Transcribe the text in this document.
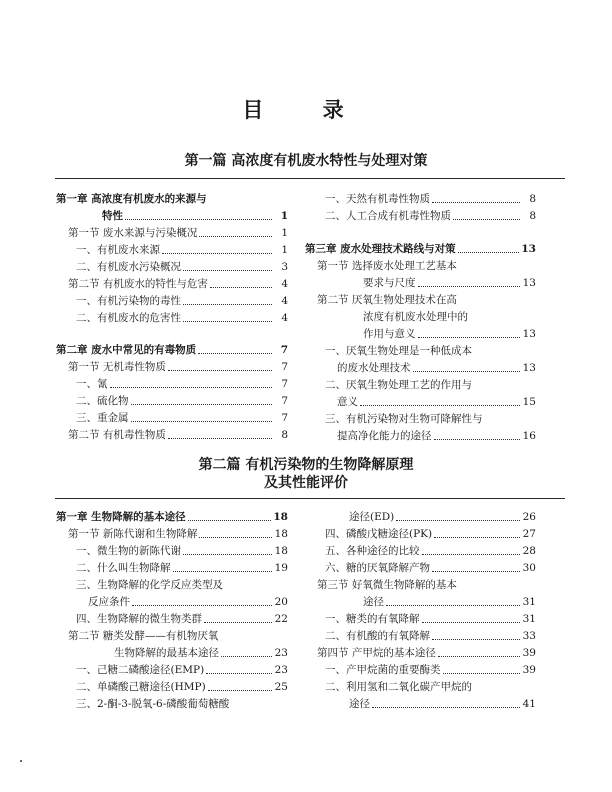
目 录
第一篇 高浓度有机废水特性与处理对策
第二篇 有机污染物的生物降解原理
及其性能评价
第一章 高浓度有机废水的来源与
特性	1
第一节 废水来源与污染概况	1
一、有机废水来源	1
二、有机废水污染概况	3
第二节 有机废水的特性与危害	4
一、有机污染物的毒性	4
二、有机废水的危害性	4
第二章 废水中常见的有毒物质	7
第一节 无机毒性物质	7
一、氰	7
二、硫化物	7
三、重金属	7
第二节 有机毒性物质	8
一、天然有机毒性物质	8
二、人工合成有机毒性物质	8
第三章 废水处理技术路线与对策	13
第一节 选择废水处理工艺基本
要求与尺度	13
第二节 厌氧生物处理技术在高
浓度有机废水处理中的
作用与意义	13
一、厌氧生物处理是一种低成本
的废水处理技术	13
二、厌氧生物处理工艺的作用与
意义	15
三、有机污染物对生物可降解性与
提高净化能力的途径	16
第一章 生物降解的基本途径	18
第一节 新陈代谢和生物降解	18
一、微生物的新陈代谢	18
二、什么叫生物降解	19
三、生物降解的化学反应类型及
反应条件	20
四、生物降解的微生物类群	22
第二节 糖类发酵——有机物厌氧
生物降解的最基本途径	23
一、己糖二磷酸途径(EMP)	23
二、单磷酸己糖途径(HMP)	25
三、2-酮-3-脱氧-6-磷酸葡萄糖酸
途径(ED)	26
四、磷酸戊糖途径(PK)	27
五、各种途径的比较	28
六、糖的厌氧降解产物	30
第三节 好氧微生物降解的基本
途径	31
一、糖类的有氧降解	31
二、有机酸的有氧降解	33
第四节 产甲烷的基本途径	39
一、产甲烷菌的重要酶类	39
二、利用氢和二氧化碳产甲烷的
途径	41
